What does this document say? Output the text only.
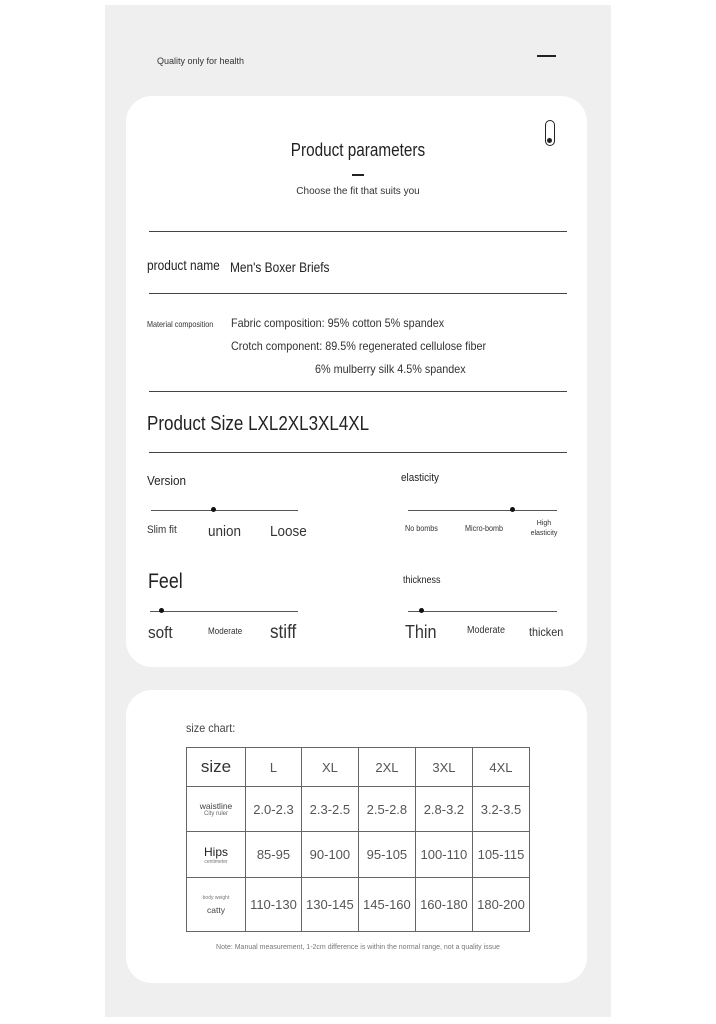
Quality only for health
Product parameters
Choose the fit that suits you
product name Men's Boxer Briefs
Material composition Fabric composition: 95% cotton 5% spandex
Crotch component: 89.5% regenerated cellulose fiber
6% mulberry silk 4.5% spandex
Product Size LXL2XL3XL4XL
Version
Slim fit union Loose
elasticity
No bombs	Micro-bomb
High elasticity
Feel
soft	Moderate stiff
thickness
Thin	Moderate thicken
size chart:
size	L	XL	2XL	3XL	4XL

waistline
City ruler	2.0-2.3	2.3-2.5	2.5-2.8	2.8-3.2	3.2-3.5

Hips
centimeter	85-95	90-100	95-105	100-110	105-115

body weight
catty	110-130	130-145	145-160	160-180	180-200
Note: Manual measurement, 1-2cm difference is within the normal range, not a quality issue
